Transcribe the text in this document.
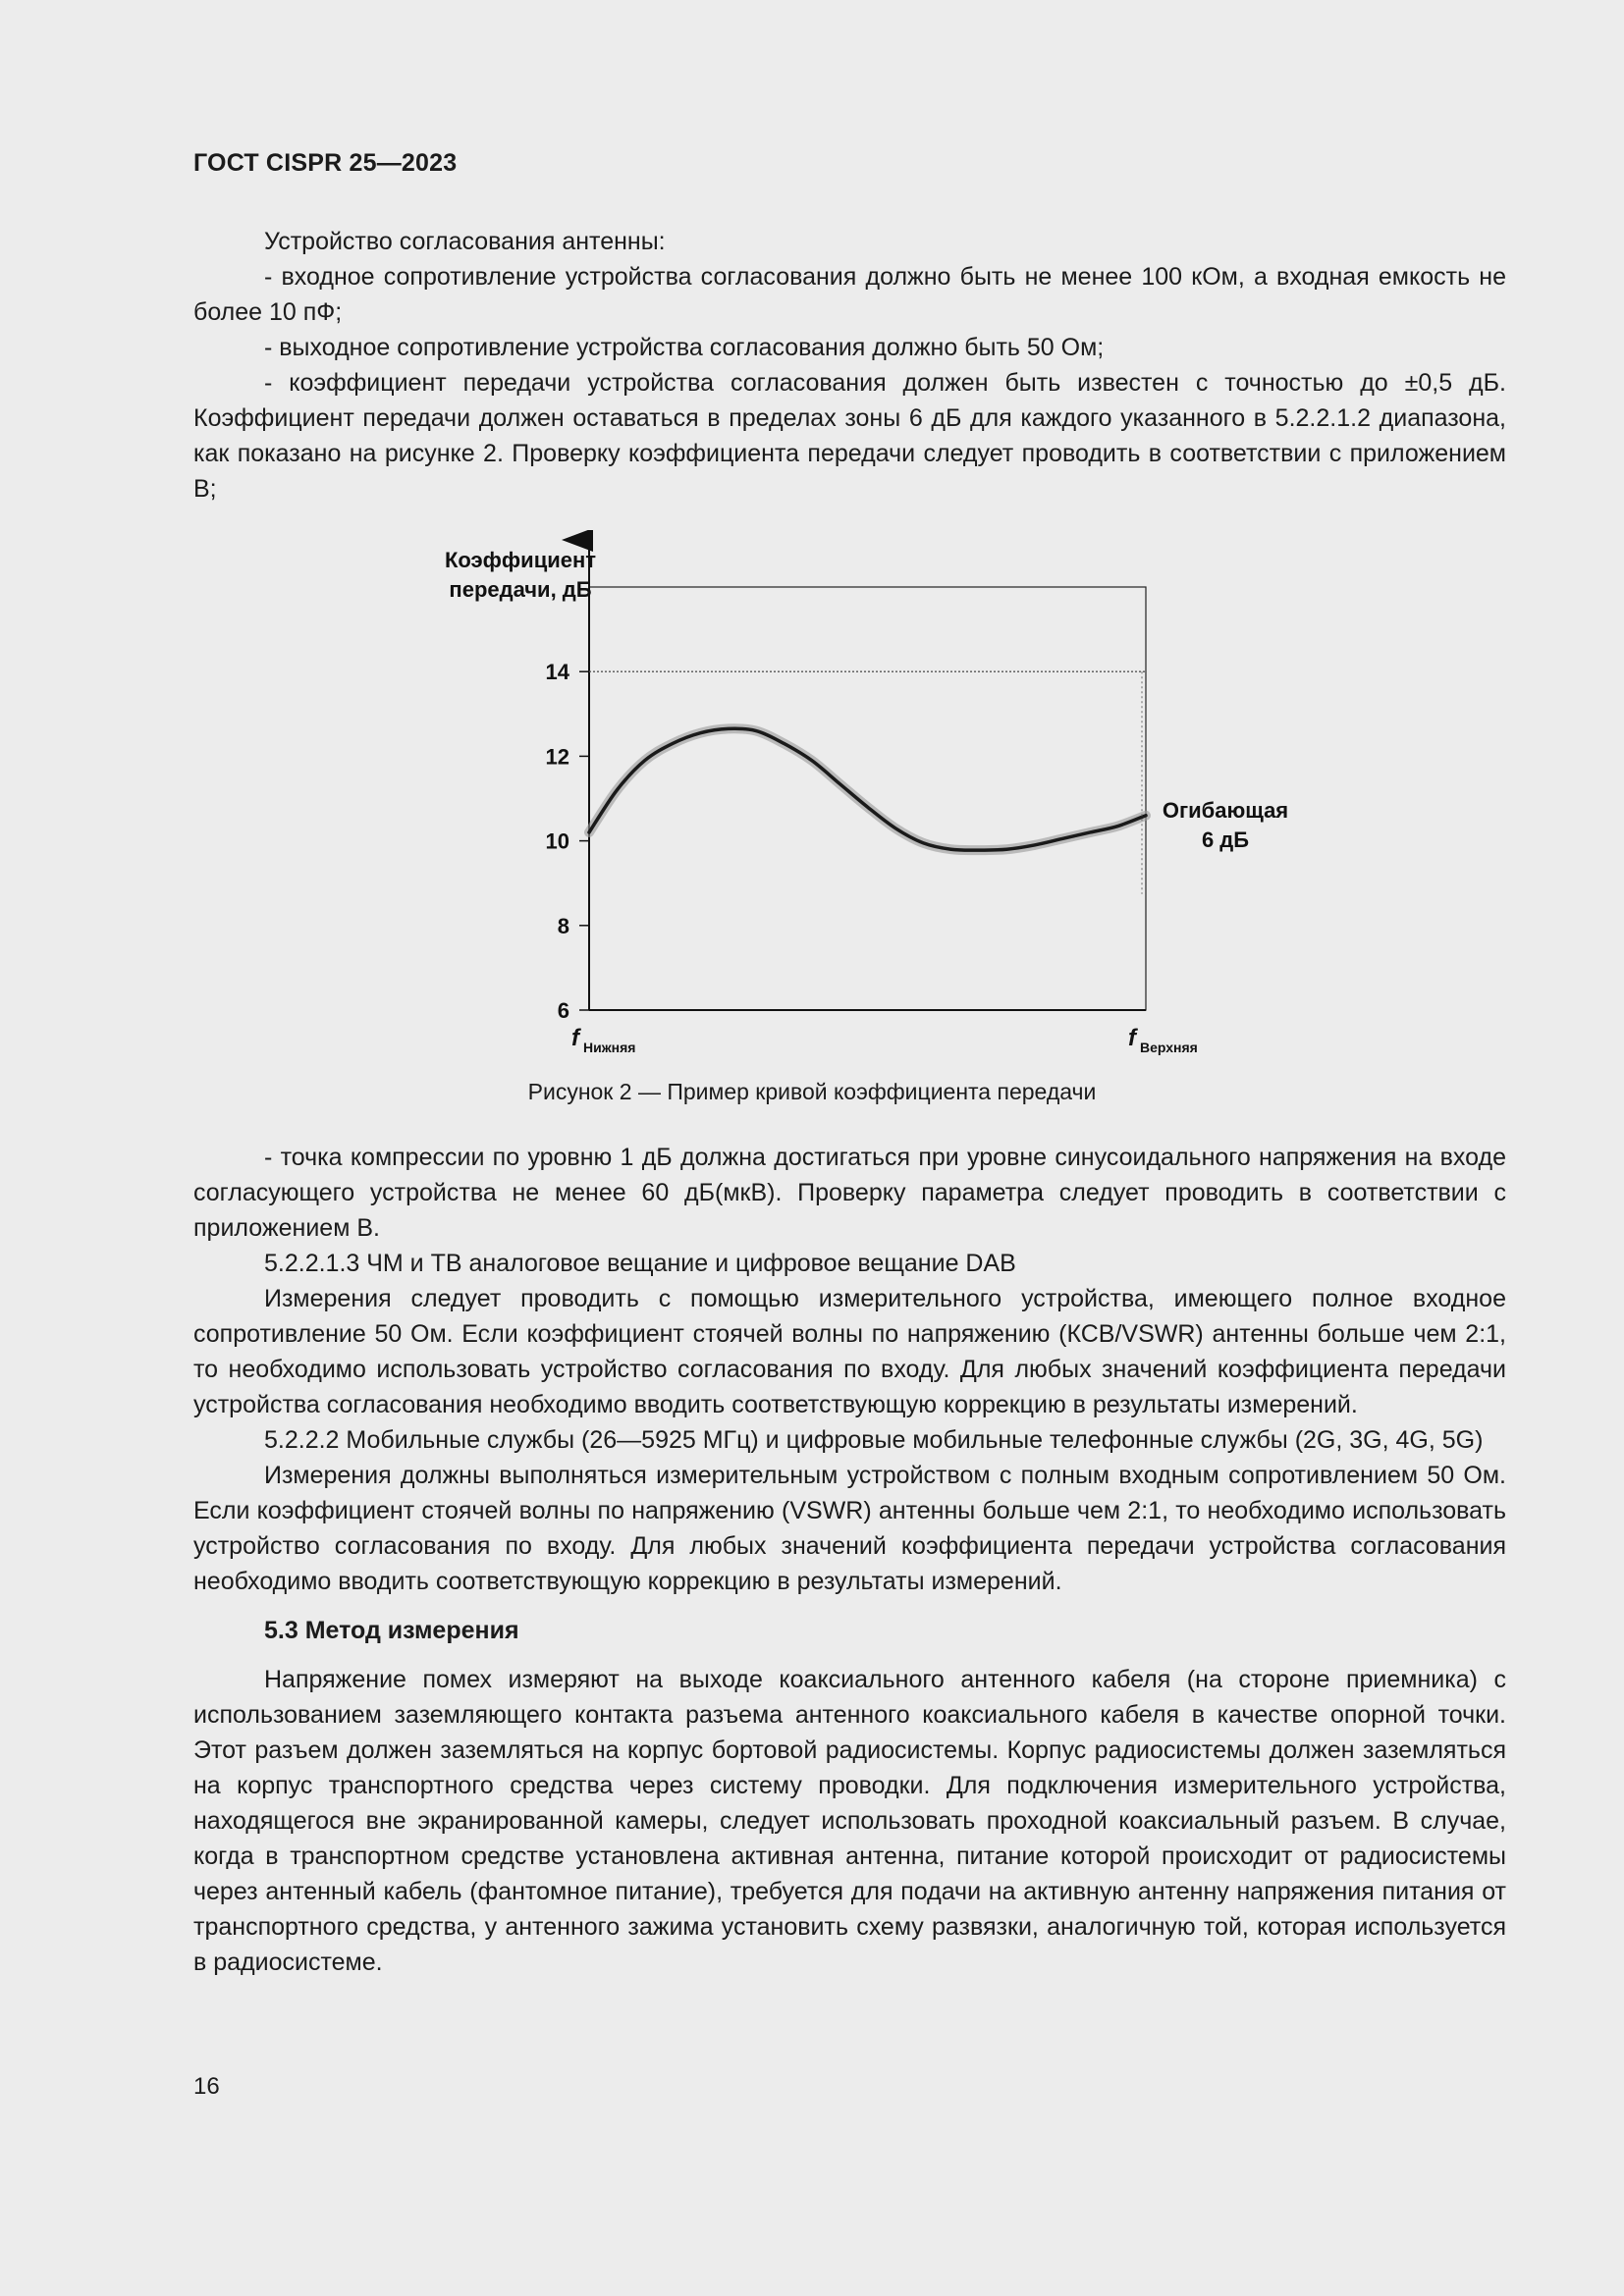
ГОСТ CISPR 25—2023

Устройство согласования антенны:

- входное сопротивление устройства согласования должно быть не менее 100 кОм, а входная емкость не более 10 пФ;

- выходное сопротивление устройства согласования должно быть 50 Ом;

- коэффициент передачи устройства согласования должен быть известен с точностью до ±0,5 дБ. Коэффициент передачи должен оставаться в пределах зоны 6 дБ для каждого указанного в 5.2.2.1.2 диапазона, как показано на рисунке 2. Проверку коэффициента передачи следует проводить в соответствии с приложением B;

Коэффициент
передачи, дБ
6
8
10
12
14
f Нижняя	f Верхняя
Огибающая
6 дБ
Рисунок 2 — Пример кривой коэффициента передачи

- точка компрессии по уровню 1 дБ должна достигаться при уровне синусоидального напряжения на входе согласующего устройства не менее 60 дБ(мкВ). Проверку параметра следует проводить в соответствии с приложением B.

5.2.2.1.3 ЧМ и ТВ аналоговое вещание и цифровое вещание DAB

Измерения следует проводить с помощью измерительного устройства, имеющего полное входное сопротивление 50 Ом. Если коэффициент стоячей волны по напряжению (КСВ/VSWR) антенны больше чем 2:1, то необходимо использовать устройство согласования по входу. Для любых значений коэффициента передачи устройства согласования необходимо вводить соответствующую коррекцию в результаты измерений.

5.2.2.2 Мобильные службы (26—5925 МГц) и цифровые мобильные телефонные службы (2G, 3G, 4G, 5G)

Измерения должны выполняться измерительным устройством с полным входным сопротивлением 50 Ом. Если коэффициент стоячей волны по напряжению (VSWR) антенны больше чем 2:1, то необходимо использовать устройство согласования по входу. Для любых значений коэффициента передачи устройства согласования необходимо вводить соответствующую коррекцию в результаты измерений.

5.3 Метод измерения

Напряжение помех измеряют на выходе коаксиального антенного кабеля (на стороне приемника) с использованием заземляющего контакта разъема антенного коаксиального кабеля в качестве опорной точки. Этот разъем должен заземляться на корпус бортовой радиосистемы. Корпус радиосистемы должен заземляться на корпус транспортного средства через систему проводки. Для подключения измерительного устройства, находящегося вне экранированной камеры, следует использовать проходной коаксиальный разъем. В случае, когда в транспортном средстве установлена активная антенна, питание которой происходит от радиосистемы через антенный кабель (фантомное питание), требуется для подачи на активную антенну напряжения питания от транспортного средства, у антенного зажима установить схему развязки, аналогичную той, которая используется в радиосистеме.

16
